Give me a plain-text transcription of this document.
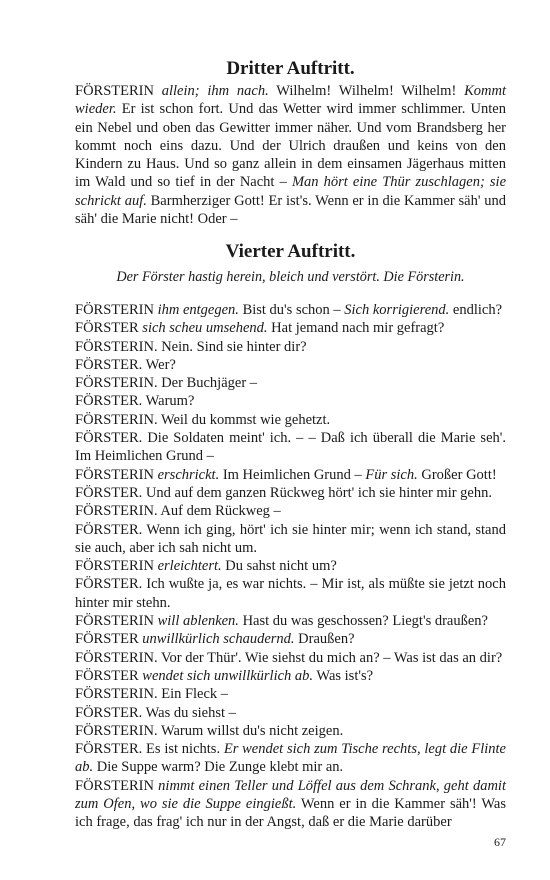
Dritter Auftritt.
FÖRSTERIN allein; ihm nach. Wilhelm! Wilhelm! Wilhelm! Kommt wieder. Er ist schon fort. Und das Wetter wird immer schlimmer. Unten ein Nebel und oben das Gewitter immer näher. Und vom Brandsberg her kommt noch eins dazu. Und der Ulrich draußen und keins von den Kindern zu Haus. Und so ganz allein in dem einsamen Jägerhaus mitten im Wald und so tief in der Nacht – Man hört eine Thür zuschlagen; sie schrickt auf. Barmherziger Gott! Er ist's. Wenn er in die Kammer säh' und säh' die Marie nicht! Oder –
Vierter Auftritt.
Der Förster hastig herein, bleich und verstört. Die Försterin.
FÖRSTERIN ihm entgegen. Bist du's schon – Sich korrigierend. endlich?
FÖRSTER sich scheu umsehend. Hat jemand nach mir gefragt?
FÖRSTERIN. Nein. Sind sie hinter dir?
FÖRSTER. Wer?
FÖRSTERIN. Der Buchjäger –
FÖRSTER. Warum?
FÖRSTERIN. Weil du kommst wie gehetzt.
FÖRSTER. Die Soldaten meint' ich. – – Daß ich überall die Marie seh'. Im Heimlichen Grund –
FÖRSTERIN erschrickt. Im Heimlichen Grund – Für sich. Großer Gott!
FÖRSTER. Und auf dem ganzen Rückweg hört' ich sie hinter mir gehn.
FÖRSTERIN. Auf dem Rückweg –
FÖRSTER. Wenn ich ging, hört' ich sie hinter mir; wenn ich stand, stand sie auch, aber ich sah nicht um.
FÖRSTERIN erleichtert. Du sahst nicht um?
FÖRSTER. Ich wußte ja, es war nichts. – Mir ist, als müßte sie jetzt noch hinter mir stehn.
FÖRSTERIN will ablenken. Hast du was geschossen? Liegt's draußen?
FÖRSTER unwillkürlich schaudernd. Draußen?
FÖRSTERIN. Vor der Thür'. Wie siehst du mich an? – Was ist das an dir?
FÖRSTER wendet sich unwillkürlich ab. Was ist's?
FÖRSTERIN. Ein Fleck –
FÖRSTER. Was du siehst –
FÖRSTERIN. Warum willst du's nicht zeigen.
FÖRSTER. Es ist nichts. Er wendet sich zum Tische rechts, legt die Flinte ab. Die Suppe warm? Die Zunge klebt mir an.
FÖRSTERIN nimmt einen Teller und Löffel aus dem Schrank, geht damit zum Ofen, wo sie die Suppe eingießt. Wenn er in die Kammer säh'! Was ich frage, das frag' ich nur in der Angst, daß er die Marie darüber
67
